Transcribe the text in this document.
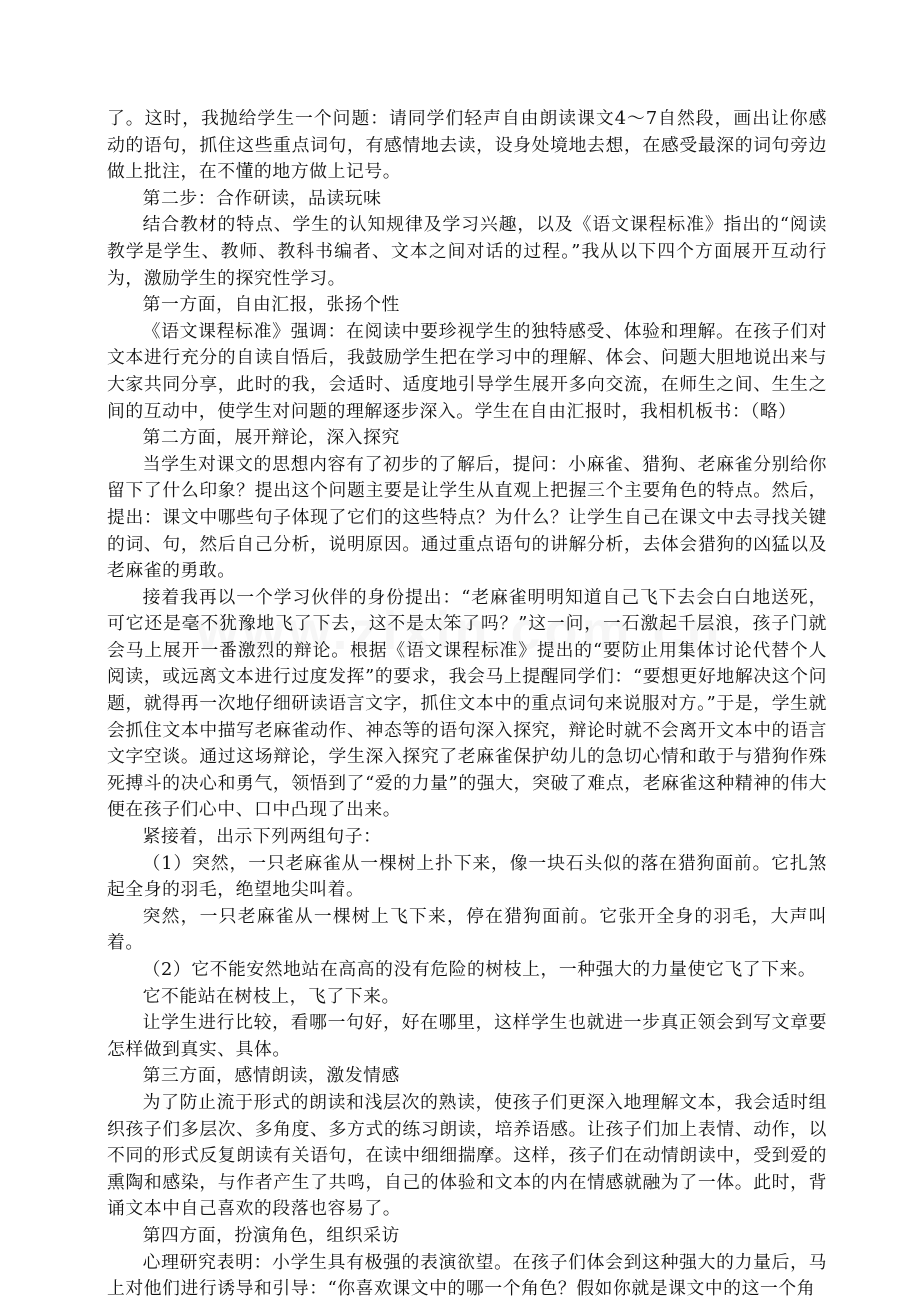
了。这时，我抛给学生一个问题：请同学们轻声自由朗读课文4～7自然段，画出让你感动的语句，抓住这些重点词句，有感情地去读，设身处境地去想，在感受最深的词句旁边做上批注，在不懂的地方做上记号。

第二步：合作研读，品读玩味

结合教材的特点、学生的认知规律及学习兴趣，以及《语文课程标准》指出的“阅读教学是学生、教师、教科书编者、文本之间对话的过程。”我从以下四个方面展开互动行为，激励学生的探究性学习。

第一方面，自由汇报，张扬个性

《语文课程标准》强调：在阅读中要珍视学生的独特感受、体验和理解。在孩子们对文本进行充分的自读自悟后，我鼓励学生把在学习中的理解、体会、问题大胆地说出来与大家共同分享，此时的我，会适时、适度地引导学生展开多向交流，在师生之间、生生之间的互动中，使学生对问题的理解逐步深入。学生在自由汇报时，我相机板书：（略）

第二方面，展开辩论，深入探究

当学生对课文的思想内容有了初步的了解后，提问：小麻雀、猎狗、老麻雀分别给你留下了什么印象？提出这个问题主要是让学生从直观上把握三个主要角色的特点。然后，提出：课文中哪些句子体现了它们的这些特点？为什么？让学生自己在课文中去寻找关键的词、句，然后自己分析，说明原因。通过重点语句的讲解分析，去体会猎狗的凶猛以及老麻雀的勇敢。

接着我再以一个学习伙伴的身份提出：“老麻雀明明知道自己飞下去会白白地送死，可它还是毫不犹豫地飞了下去，这不是太笨了吗？”这一问，一石激起千层浪，孩子门就会马上展开一番激烈的辩论。根据《语文课程标准》提出的“要防止用集体讨论代替个人阅读，或远离文本进行过度发挥”的要求，我会马上提醒同学们：“要想更好地解决这个问题，就得再一次地仔细研读语言文字，抓住文本中的重点词句来说服对方。”于是，学生就会抓住文本中描写老麻雀动作、神态等的语句深入探究，辩论时就不会离开文本中的语言文字空谈。通过这场辩论，学生深入探究了老麻雀保护幼儿的急切心情和敢于与猎狗作殊死搏斗的决心和勇气，领悟到了“爱的力量”的强大，突破了难点，老麻雀这种精神的伟大便在孩子们心中、口中凸现了出来。

紧接着，出示下列两组句子：

（1）突然，一只老麻雀从一棵树上扑下来，像一块石头似的落在猎狗面前。它扎煞起全身的羽毛，绝望地尖叫着。

突然，一只老麻雀从一棵树上飞下来，停在猎狗面前。它张开全身的羽毛，大声叫着。

（2）它不能安然地站在高高的没有危险的树枝上，一种强大的力量使它飞了下来。

它不能站在树枝上，飞了下来。

让学生进行比较，看哪一句好，好在哪里，这样学生也就进一步真正领会到写文章要怎样做到真实、具体。

第三方面，感情朗读，激发情感

为了防止流于形式的朗读和浅层次的熟读，使孩子们更深入地理解文本，我会适时组织孩子们多层次、多角度、多方式的练习朗读，培养语感。让孩子们加上表情、动作，以不同的形式反复朗读有关语句，在读中细细揣摩。这样，孩子们在动情朗读中，受到爱的熏陶和感染，与作者产生了共鸣，自己的体验和文本的内在情感就融为了一体。此时，背诵文本中自己喜欢的段落也容易了。

第四方面，扮演角色，组织采访

心理研究表明：小学生具有极强的表演欲望。在孩子们体会到这种强大的力量后，马上对他们进行诱导和引导：“你喜欢课文中的哪一个角色？假如你就是课文中的这一个角
